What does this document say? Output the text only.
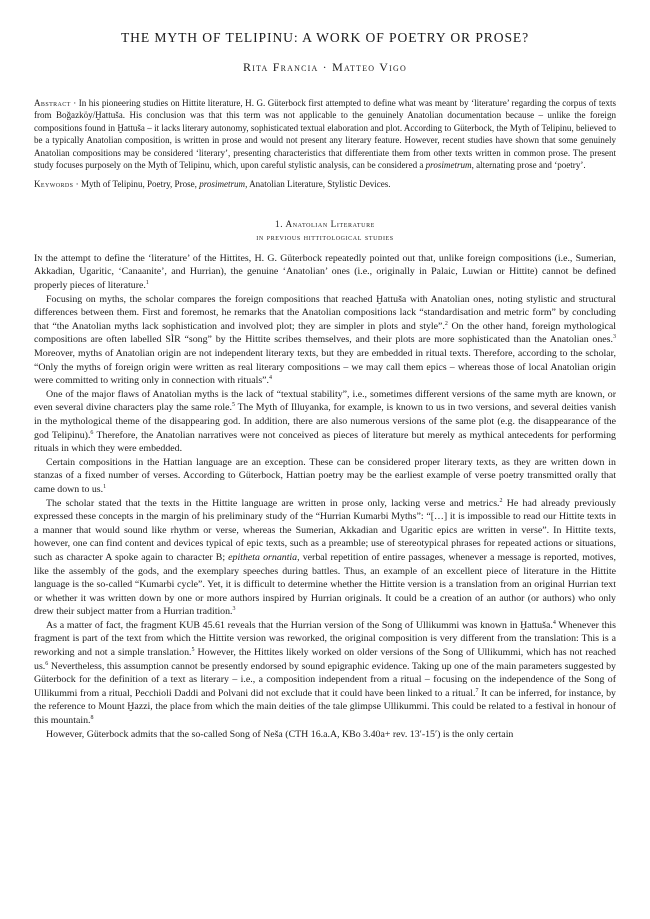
THE MYTH OF TELIPINU: A WORK OF POETRY OR PROSE?
Rita Francia · Matteo Vigo

Abstract · In his pioneering studies on Hittite literature, H. G. Güterbock first attempted to define what was meant by ‘literature’ regarding the corpus of texts from Boğazköy/Ḫattuša. His conclusion was that this term was not applicable to the genuinely Anatolian documentation because – unlike the foreign compositions found in Ḫattuša – it lacks literary autonomy, sophisticated textual elaboration and plot. According to Güterbock, the Myth of Telipinu, believed to be a typically Anatolian composition, is written in prose and would not present any literary feature. However, recent studies have shown that some genuinely Anatolian compositions may be considered ‘literary’, presenting characteristics that differentiate them from other texts written in common prose. The present study focuses purposely on the Myth of Telipinu, which, upon careful stylistic analysis, can be considered a prosimetrum, alternating prose and ‘poetry’.

Keywords · Myth of Telipinu, Poetry, Prose, prosimetrum, Anatolian Literature, Stylistic Devices.

1. Anatolian Literature
in previous hittitological studies

In the attempt to define the ‘literature’ of the Hittites, H. G. Güterbock repeatedly pointed out that, unlike foreign compositions (i.e., Sumerian, Akkadian, Ugaritic, ‘Canaanite’, and Hurrian), the genuine ‘Anatolian’ ones (i.e., originally in Palaic, Luwian or Hittite) cannot be defined properly pieces of literature.$^1$

Focusing on myths, the scholar compares the foreign compositions that reached Ḫattuša with Anatolian ones, noting stylistic and structural differences between them. First and foremost, he remarks that the Anatolian compositions lack “standardisation and metric form” by concluding that “the Anatolian myths lack sophistication and involved plot; they are simpler in plots and style”.$^2$ On the other hand, foreign mythological compositions are often labelled SÌR “song” by the Hittite scribes themselves, and their plots are more sophisticated than the Anatolian ones.$^3$ Moreover, myths of Anatolian origin are not independent literary texts, but they are embedded in ritual texts. Therefore, according to the scholar, “Only the myths of foreign origin were written as real literary compositions – we may call them epics – whereas those of local Anatolian origin were committed to writing only in connection with rituals”.$^4$

One of the major flaws of Anatolian myths is the lack of “textual stability”, i.e., sometimes different versions of the same myth are known, or even several divine characters play the same role.$^5$ The Myth of Illuyanka, for example, is known to us in two versions, and several deities vanish in the mythological theme of the disappearing god. In addition, there are also numerous versions of the same plot (e.g. the disappearance of the god Telipinu).$^6$ Therefore, the Anatolian narratives were not conceived as pieces of literature but merely as mythical antecedents for performing rituals in which they were embedded.

Certain compositions in the Hattian language are an exception. These can be considered proper literary texts, as they are written down in stanzas of a fixed number of verses. According to Güterbock, Hattian poetry may be the earliest example of verse poetry transmitted orally that came down to us.$^1$

The scholar stated that the texts in the Hittite language are written in prose only, lacking verse and metrics.$^2$ He had already previously expressed these concepts in the margin of his preliminary study of the “Hurrian Kumarbi Myths”: “[…] it is impossible to read our Hittite texts in a manner that would sound like rhythm or verse, whereas the Sumerian, Akkadian and Ugaritic epics are written in verse”. In Hittite texts, however, one can find content and devices typical of epic texts, such as a preamble; use of stereotypical phrases for repeated actions or situations, such as character A spoke again to character B; epitheta ornantia, verbal repetition of entire passages, whenever a message is reported, motives, like the assembly of the gods, and the exemplary speeches during battles. Thus, an example of an excellent piece of literature in the Hittite language is the so-called “Kumarbi cycle”. Yet, it is difficult to determine whether the Hittite version is a translation from an original Hurrian text or whether it was written down by one or more authors inspired by Hurrian originals. It could be a creation of an author (or authors) who only drew their subject matter from a Hurrian tradition.$^3$

As a matter of fact, the fragment KUB 45.61 reveals that the Hurrian version of the Song of Ullikummi was known in Ḫattuša.$^4$ Whenever this fragment is part of the text from which the Hittite version was reworked, the original composition is very different from the translation: This is a reworking and not a simple translation.$^5$ However, the Hittites likely worked on older versions of the Song of Ullikummi, which has not reached us.$^6$ Nevertheless, this assumption cannot be presently endorsed by sound epigraphic evidence. Taking up one of the main parameters suggested by Güterbock for the definition of a text as literary – i.e., a composition independent from a ritual – focusing on the independence of the Song of Ullikummi from a ritual, Pecchioli Daddi and Polvani did not exclude that it could have been linked to a ritual.$^7$ It can be inferred, for instance, by the reference to Mount Ḫazzi, the place from which the main deities of the tale glimpse Ullikummi. This could be related to a festival in honour of this mountain.$^8$

However, Güterbock admits that the so-called Song of Neša (CTH 16.a.A, KBo 3.40a+ rev. 13′-15′) is the only certain
